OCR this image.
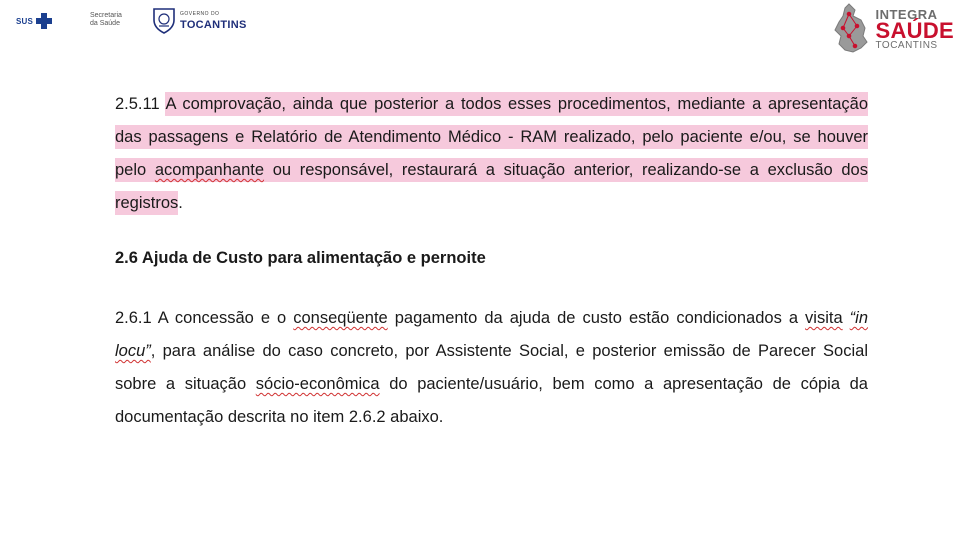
SUS
Secretaria
da Saúde
GOVERNO DO
TOCANTINS
INTEGRA
SAÚDE
TOCANTINS

2.5.11 A comprovação, ainda que posterior a todos esses procedimentos, mediante a apresentação das passagens e Relatório de Atendimento Médico - RAM realizado, pelo paciente e/ou, se houver pelo acompanhante ou responsável, restaurará a situação anterior, realizando-se a exclusão dos registros.

2.6 Ajuda de Custo para alimentação e pernoite

2.6.1 A concessão e o conseqüente pagamento da ajuda de custo estão condicionados a visita “in locu”, para análise do caso concreto, por Assistente Social, e posterior emissão de Parecer Social sobre a situação sócio-econômica do paciente/usuário, bem como a apresentação de cópia da documentação descrita no item 2.6.2 abaixo.
